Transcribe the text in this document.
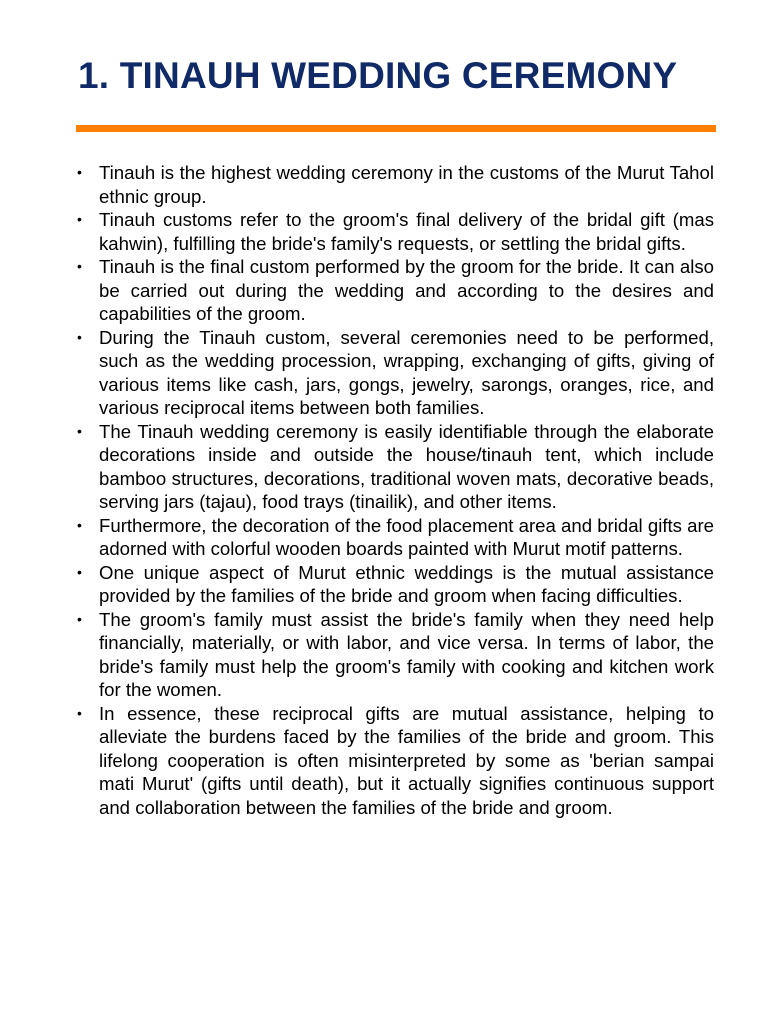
1. TINAUH WEDDING CEREMONY
• Tinauh is the highest wedding ceremony in the customs of the Murut Tahol ethnic group.
• Tinauh customs refer to the groom's final delivery of the bridal gift (mas kahwin), fulfilling the bride's family's requests, or settling the bridal gifts.
• Tinauh is the final custom performed by the groom for the bride. It can also be carried out during the wedding and according to the desires and capabilities of the groom.
• During the Tinauh custom, several ceremonies need to be performed, such as the wedding procession, wrapping, exchanging of gifts, giving of various items like cash, jars, gongs, jewelry, sarongs, oranges, rice, and various reciprocal items between both families.
• The Tinauh wedding ceremony is easily identifiable through the elaborate decorations inside and outside the house/tinauh tent, which include bamboo structures, decorations, traditional woven mats, decorative beads, serving jars (tajau), food trays (tinailik), and other items.
• Furthermore, the decoration of the food placement area and bridal gifts are adorned with colorful wooden boards painted with Murut motif patterns.
• One unique aspect of Murut ethnic weddings is the mutual assistance provided by the families of the bride and groom when facing difficulties.
• The groom's family must assist the bride's family when they need help financially, materially, or with labor, and vice versa. In terms of labor, the bride's family must help the groom's family with cooking and kitchen work for the women.
• In essence, these reciprocal gifts are mutual assistance, helping to alleviate the burdens faced by the families of the bride and groom. This lifelong cooperation is often misinterpreted by some as 'berian sampai mati Murut' (gifts until death), but it actually signifies continuous support and collaboration between the families of the bride and groom.
